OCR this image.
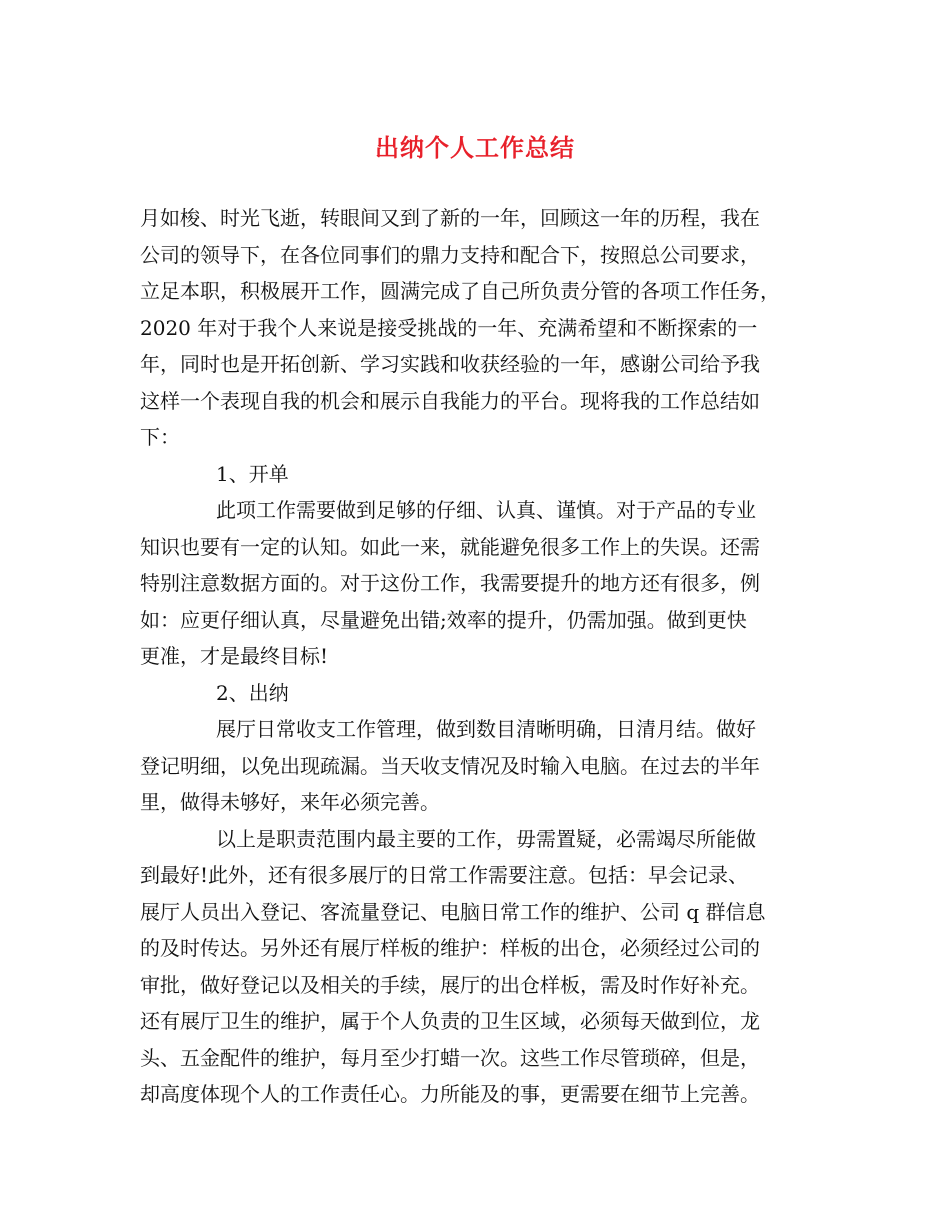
出纳个人工作总结

月如梭、时光飞逝，转眼间又到了新的一年，回顾这一年的历程，我在

公司的领导下，在各位同事们的鼎力支持和配合下，按照总公司要求，

立足本职，积极展开工作，圆满完成了自己所负责分管的各项工作任务，

2020 年对于我个人来说是接受挑战的一年、充满希望和不断探索的一

年，同时也是开拓创新、学习实践和收获经验的一年，感谢公司给予我

这样一个表现自我的机会和展示自我能力的平台。现将我的工作总结如

下：

1、开单

此项工作需要做到足够的仔细、认真、谨慎。对于产品的专业

知识也要有一定的认知。如此一来，就能避免很多工作上的失误。还需

特别注意数据方面的。对于这份工作，我需要提升的地方还有很多，例

如：应更仔细认真，尽量避免出错;效率的提升，仍需加强。做到更快

更准，才是最终目标!

2、出纳

展厅日常收支工作管理，做到数目清晰明确，日清月结。做好

登记明细，以免出现疏漏。当天收支情况及时输入电脑。在过去的半年

里，做得未够好，来年必须完善。

以上是职责范围内最主要的工作，毋需置疑，必需竭尽所能做

到最好!此外，还有很多展厅的日常工作需要注意。包括：早会记录、

展厅人员出入登记、客流量登记、电脑日常工作的维护、公司 q 群信息

的及时传达。另外还有展厅样板的维护：样板的出仓，必须经过公司的

审批，做好登记以及相关的手续，展厅的出仓样板，需及时作好补充。

还有展厅卫生的维护，属于个人负责的卫生区域，必须每天做到位，龙

头、五金配件的维护，每月至少打蜡一次。这些工作尽管琐碎，但是，

却高度体现个人的工作责任心。力所能及的事，更需要在细节上完善。
